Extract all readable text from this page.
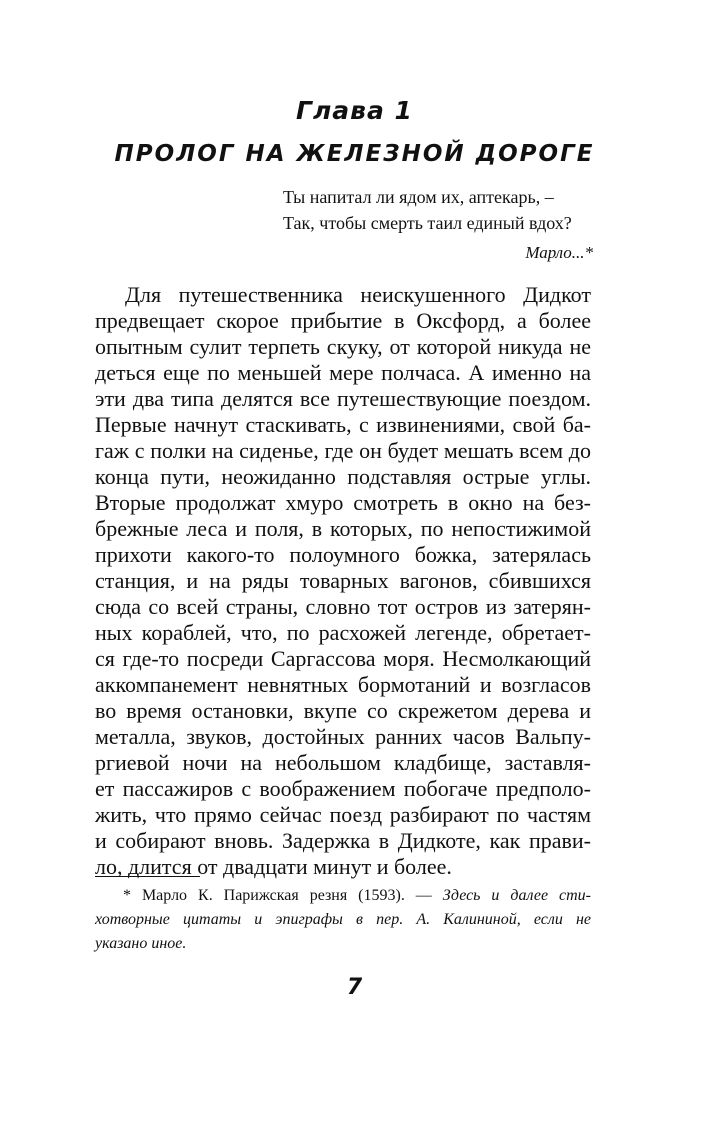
Глава 1
ПРОЛОГ НА ЖЕЛЕЗНОЙ ДОРОГЕ
Ты напитал ли ядом их, аптекарь, –
Так, чтобы смерть таил единый вдох?
Марло...*
Для путешественника неискушенного Дидкот
предвещает скорое прибытие в Оксфорд, а более
опытным сулит терпеть скуку, от которой никуда не
деться еще по меньшей мере полчаса. А именно на
эти два типа делятся все путешествующие поездом.
Первые начнут стаскивать, с извинениями, свой ба-
гаж с полки на сиденье, где он будет мешать всем до
конца пути, неожиданно подставляя острые углы.
Вторые продолжат хмуро смотреть в окно на без-
брежные леса и поля, в которых, по непостижимой
прихоти какого-то полоумного божка, затерялась
станция, и на ряды товарных вагонов, сбившихся
сюда со всей страны, словно тот остров из затерян-
ных кораблей, что, по расхожей легенде, обретает-
ся где-то посреди Саргассова моря. Несмолкающий
аккомпанемент невнятных бормотаний и возгласов
во время остановки, вкупе со скрежетом дерева и
металла, звуков, достойных ранних часов Вальпу-
ргиевой ночи на небольшом кладбище, заставля-
ет пассажиров с воображением побогаче предполо-
жить, что прямо сейчас поезд разбирают по частям
и собирают вновь. Задержка в Дидкоте, как прави-
ло, длится от двадцати минут и более.
* Марло К. Парижская резня (1593). — Здесь и далее сти-
хотворные цитаты и эпиграфы в пер. А. Калининой, если не
указано иное.
7
